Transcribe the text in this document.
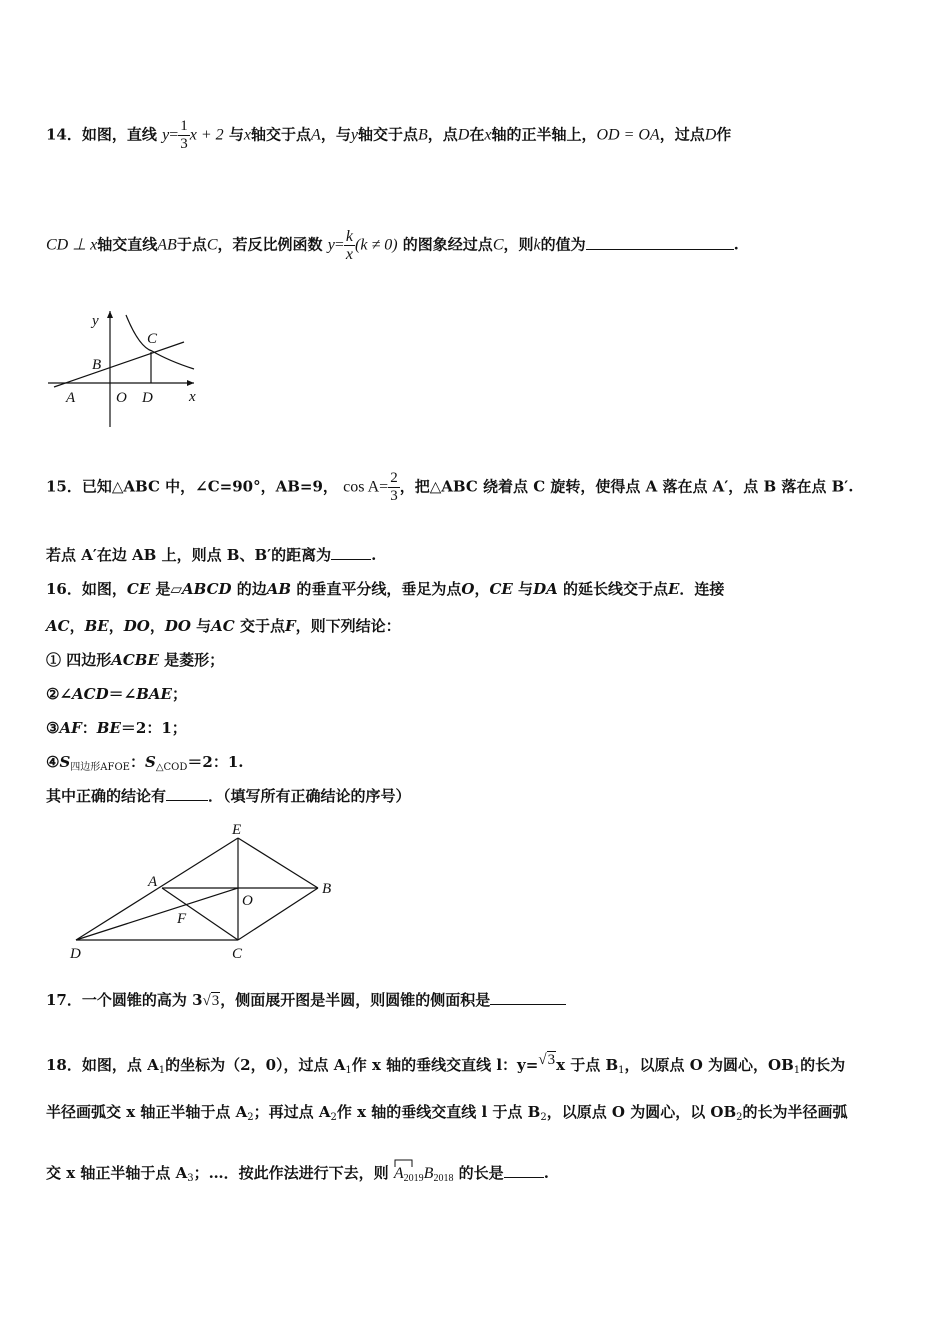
14．如图，直线 $y= \frac{1}{3}$ x + 2 与x轴交于点A，与y轴交于点B，点D在x轴的正半轴上，OD = OA，过点D作
CD ⊥ x轴交直线AB于点C，若反比例函数 $y= \frac{k}{x} (k \ne 0)$ 的图象经过点C，则k的值为	.
y
x
B
C
A	O D
15．已知△ABC 中，∠C=90°，AB=9， $\cos A= \frac{2}{3}$ ，把△ABC 绕着点 C 旋转，使得点 A 落在点 A′，点 B 落在点 B′.
若点 A′在边 AB 上，则点 B、B′的距离为	.
16．如图，CE 是▱ABCD 的边AB 的垂直平分线，垂足为点O，CE 与DA 的延长线交于点E．连接
AC，BE，DO，DO 与AC 交于点F，则下列结论：
① 四边形ACBE 是菱形；
②∠ACD＝∠BAE；
③AF：BE＝2：1；
$④S_{四边形AFOE}$：$S_{\triangle COD}=2$：1.
其中正确的结论有	．（填写所有正确结论的序号）
E
A
O
B
F
D	C
17．一个圆锥的高为 3√3，侧面展开图是半圆，则圆锥的侧面积是
18．如图，点 $A_1$的坐标为（2，0），过点 $A_1$作 x 轴的垂线交直线 l：y=√3x 于点 $B_1$，以原点 O 为圆心，$OB_1$的长为
半径画弧交 x 轴正半轴于点 $A_2$；再过点 $A_2$作 x 轴的垂线交直线 l 于点 $B_2$，以原点 O 为圆心，以 $OB_2$的长为半径画弧
交 x 轴正半轴于点 $A_3$；…．按此作法进行下去，则 $A_{2019}B_{2018}$ 的长是	.
